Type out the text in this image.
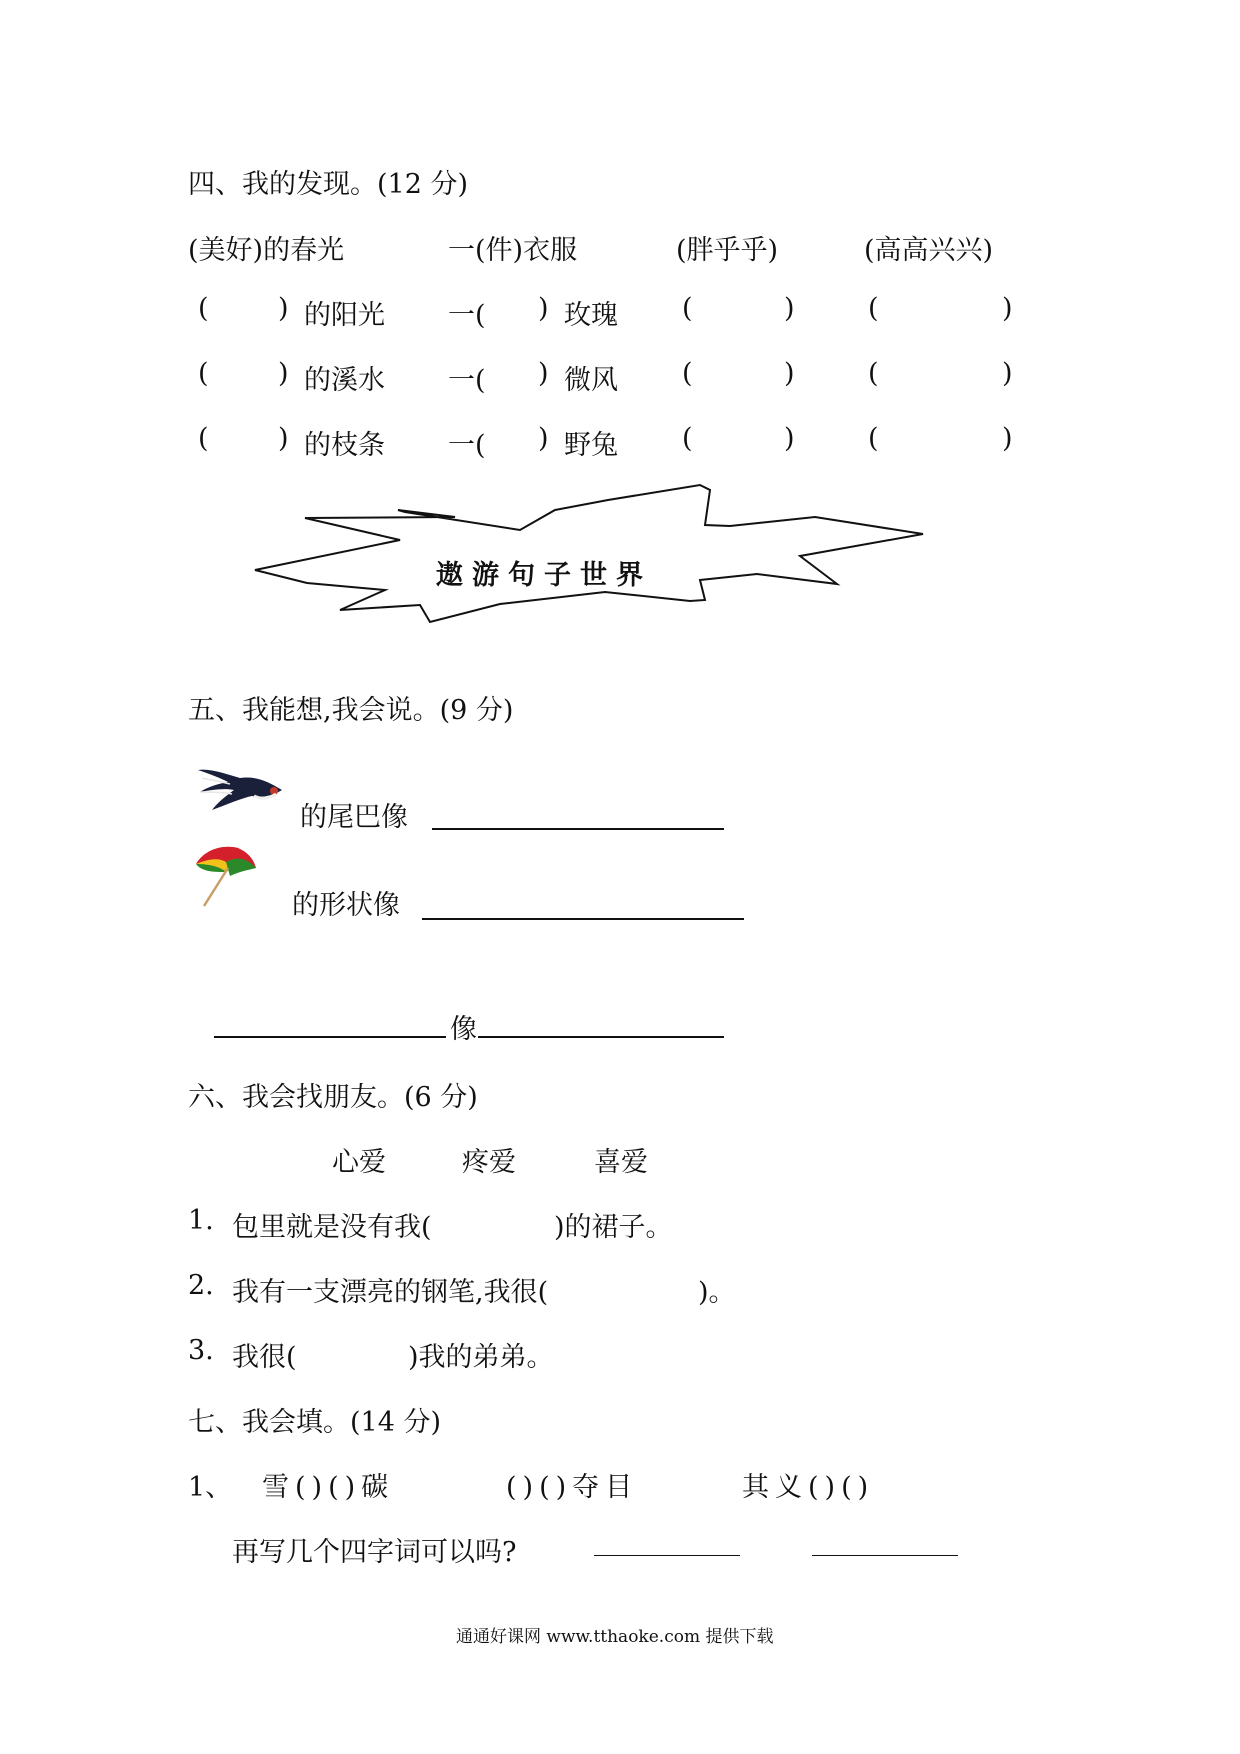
四、我的发现。(12 分)
(美好)的春光	一(件)衣服	(胖乎乎)	(高高兴兴)
(	) 的阳光 一( ) 玫瑰 (	)	(	)
(	) 的溪水 一( ) 微风 (	)	(	)
(	) 的枝条 一( ) 野兔 (	)	(	)
遨游句子世界
五、我能想,我会说。(9 分)
的尾巴像
的形状像
像
六、我会找朋友。(6 分)
心爱	疼爱	喜爱
1. 包里就是没有我(	)的裙子。
2. 我有一支漂亮的钢笔,我很(	)。
3. 我很(	)我的弟弟。
七、我会填。(14 分)
1、 雪()()碳	()()夺目	其义()()
再写几个四字词可以吗?
通通好课网 www.tthaoke.com 提供下载
